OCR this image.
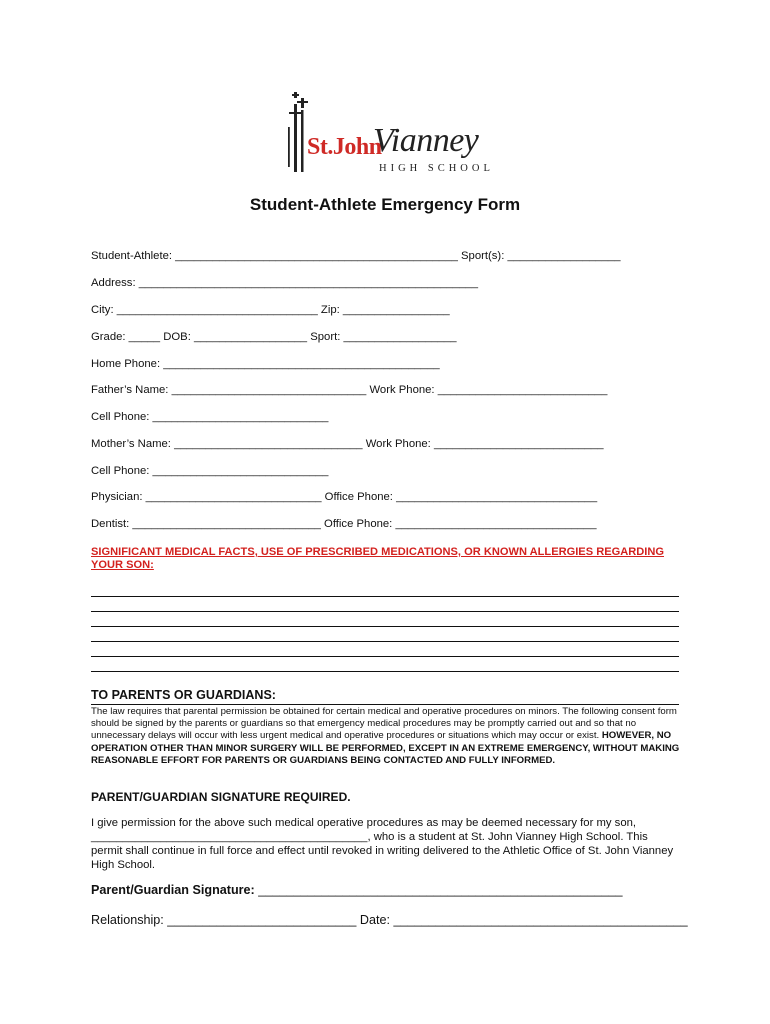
St.John
Vianney
HIGH SCHOOL
Student-Athlete Emergency Form
Student-Athlete: _____________________________________________ Sport(s): __________________
Address: ______________________________________________________
City: ________________________________ Zip: _________________
Grade: _____ DOB: __________________ Sport: __________________
Home Phone: ____________________________________________
Father’s Name: _______________________________ Work Phone: ___________________________
Cell Phone: ____________________________
Mother’s Name: ______________________________ Work Phone: ___________________________
Cell Phone: ____________________________
Physician: ____________________________ Office Phone: ________________________________
Dentist: ______________________________ Office Phone: ________________________________
SIGNIFICANT MEDICAL FACTS, USE OF PRESCRIBED MEDICATIONS, OR KNOWN ALLERGIES REGARDING
YOUR SON:
TO PARENTS OR GUARDIANS:
The law requires that parental permission be obtained for certain medical and operative procedures on minors. The following consent form should be signed by the parents or guardians so that emergency medical procedures may be promptly carried out and so that no unnecessary delays will occur with less urgent medical and operative procedures or situations which may occur or exist. HOWEVER, NO OPERATION OTHER THAN MINOR SURGERY WILL BE PERFORMED, EXCEPT IN AN EXTREME EMERGENCY, WITHOUT MAKING REASONABLE EFFORT FOR PARENTS OR GUARDIANS BEING CONTACTED AND FULLY INFORMED.
PARENT/GUARDIAN SIGNATURE REQUIRED.
I give permission for the above such medical operative procedures as may be deemed necessary for my son,
____________________________________________, who is a student at St. John Vianney High School. This
permit shall continue in full force and effect until revoked in writing delivered to the Athletic Office of St. John Vianney
High School.
Parent/Guardian Signature: ____________________________________________________
Relationship: ___________________________ Date: __________________________________________
